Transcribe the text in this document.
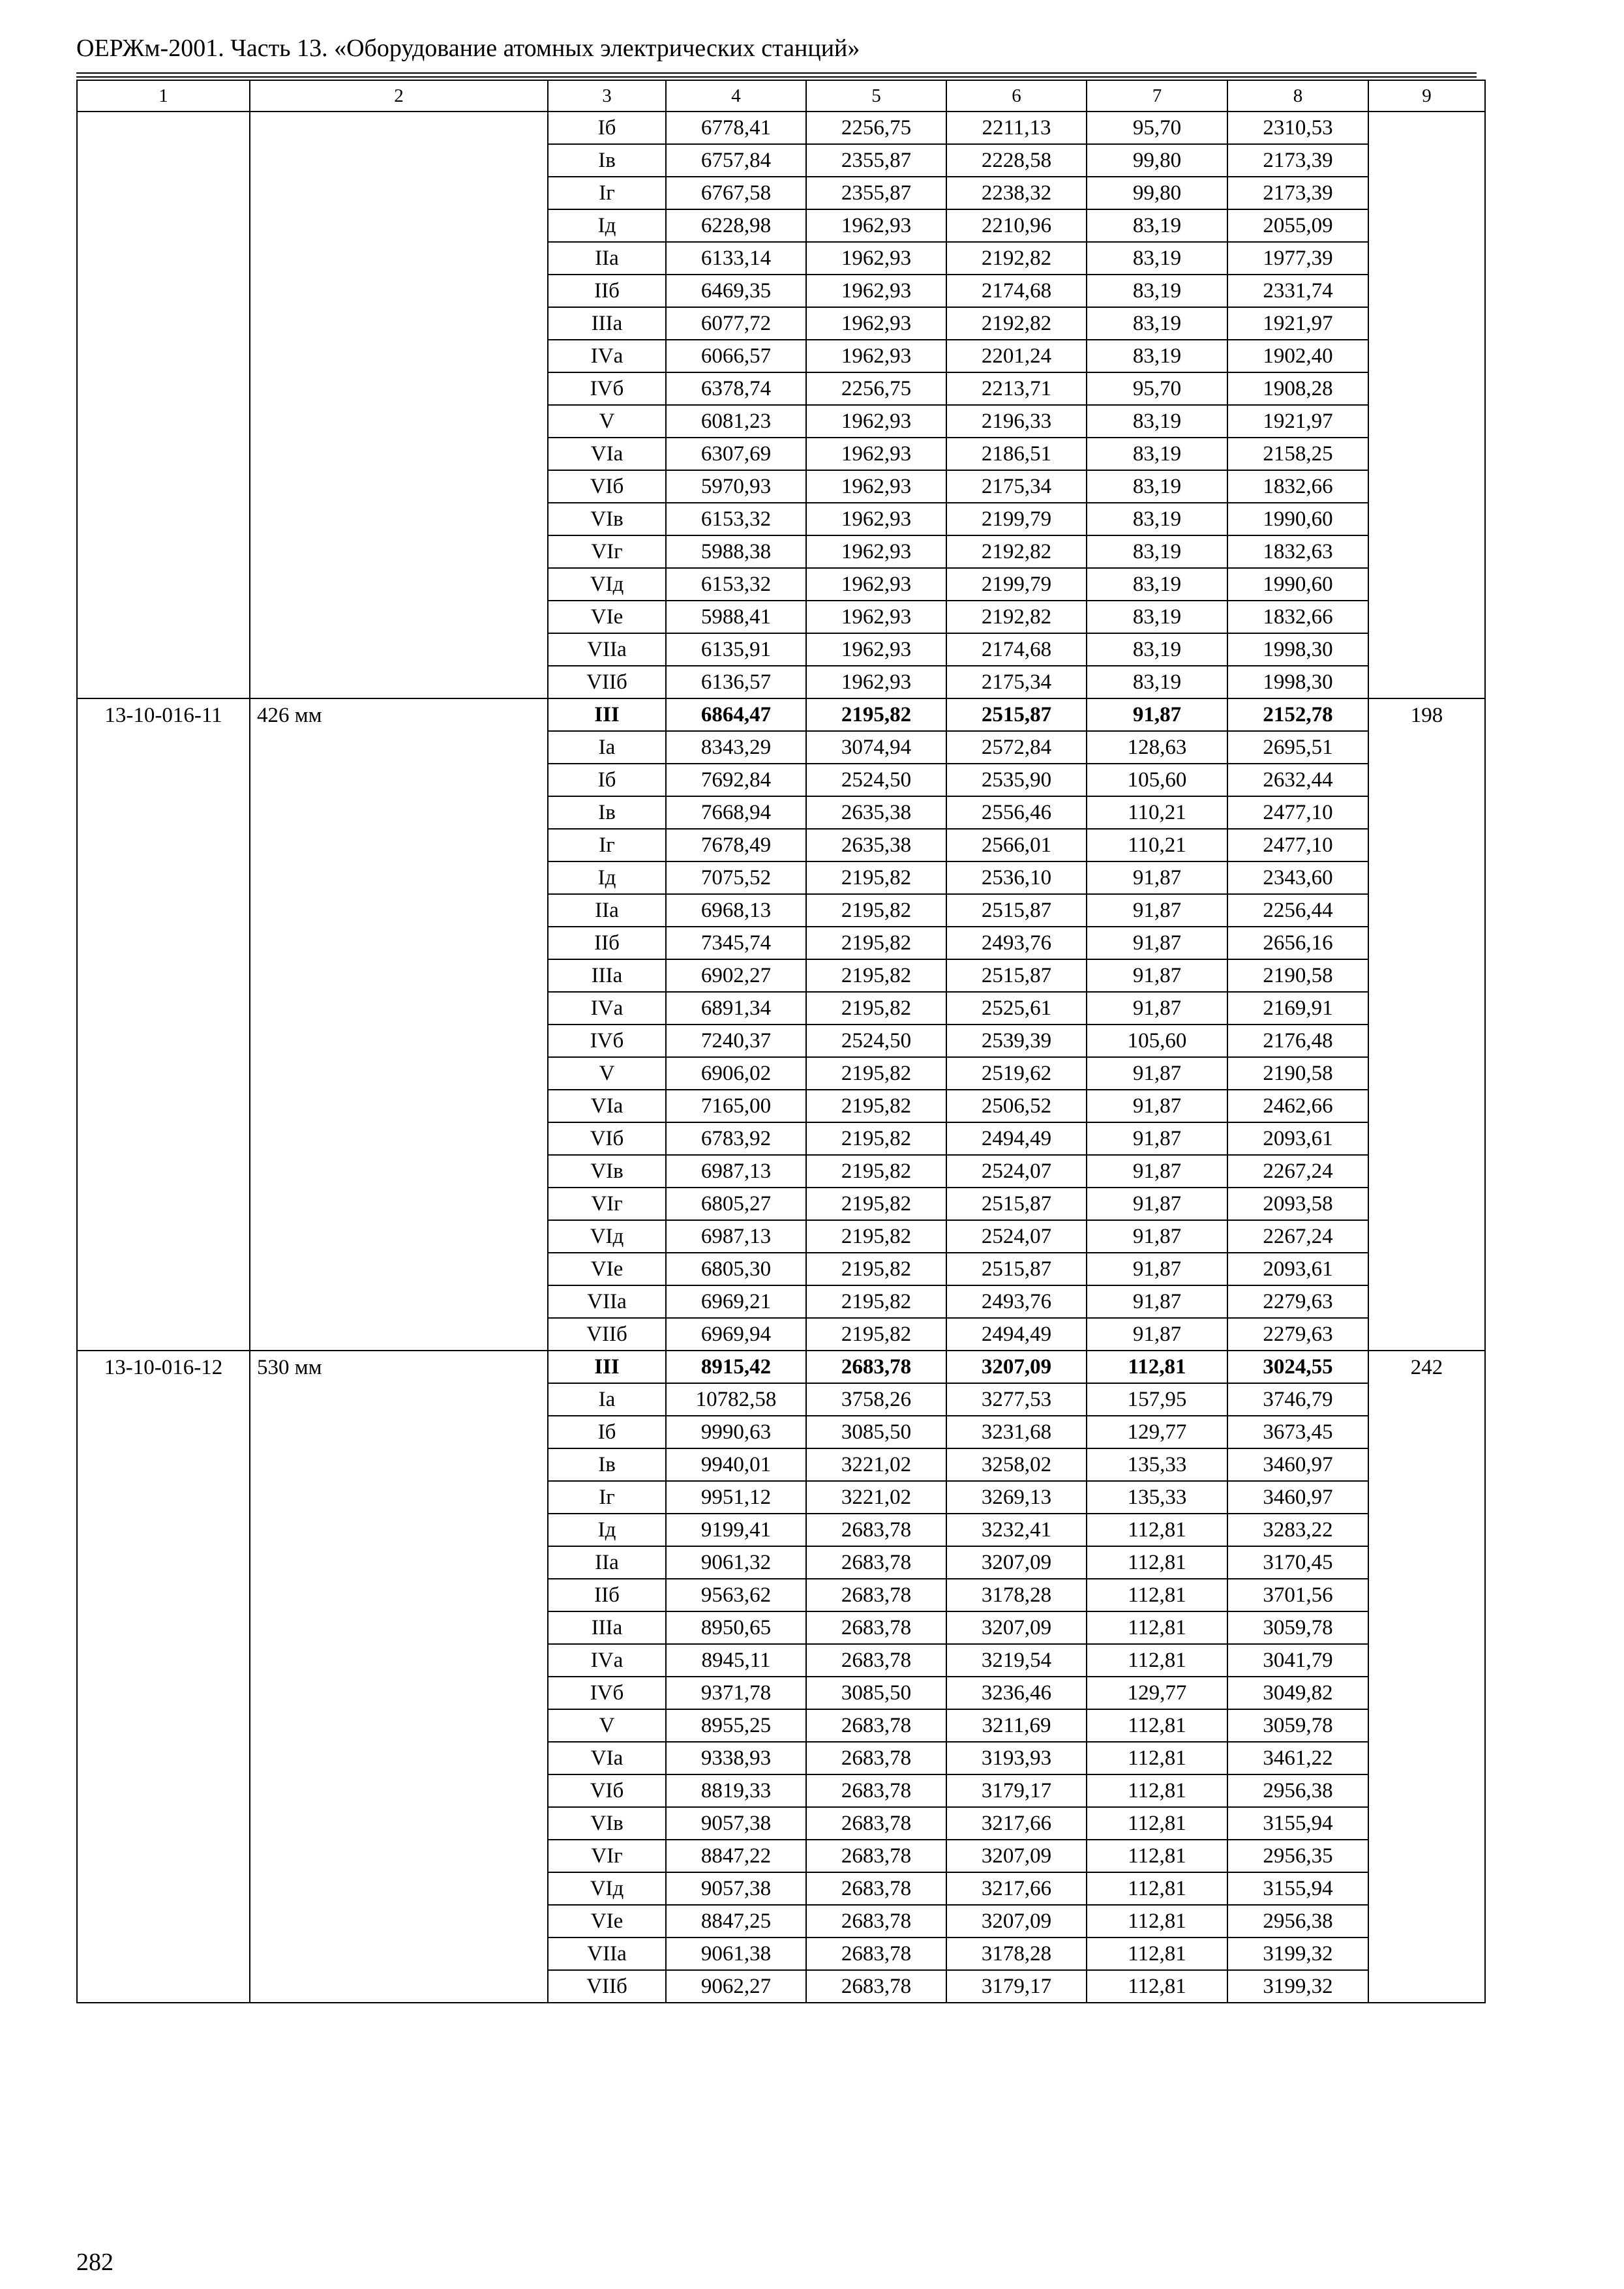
ОЕРЖм-2001. Часть 13. «Оборудование атомных электрических станций»
1	2	3	4	5	6	7	8	9
		Iб	6778,41	2256,75	2211,13	95,70	2310,53	
		Iв	6757,84	2355,87	2228,58	99,80	2173,39	
		Iг	6767,58	2355,87	2238,32	99,80	2173,39	
		Iд	6228,98	1962,93	2210,96	83,19	2055,09	
		IIа	6133,14	1962,93	2192,82	83,19	1977,39	
		IIб	6469,35	1962,93	2174,68	83,19	2331,74	
		IIIа	6077,72	1962,93	2192,82	83,19	1921,97	
		IVа	6066,57	1962,93	2201,24	83,19	1902,40	
		IVб	6378,74	2256,75	2213,71	95,70	1908,28	
		V	6081,23	1962,93	2196,33	83,19	1921,97	
		VIа	6307,69	1962,93	2186,51	83,19	2158,25	
		VIб	5970,93	1962,93	2175,34	83,19	1832,66	
		VIв	6153,32	1962,93	2199,79	83,19	1990,60	
		VIг	5988,38	1962,93	2192,82	83,19	1832,63	
		VIд	6153,32	1962,93	2199,79	83,19	1990,60	
		VIе	5988,41	1962,93	2192,82	83,19	1832,66	
		VIIа	6135,91	1962,93	2174,68	83,19	1998,30	
		VIIб	6136,57	1962,93	2175,34	83,19	1998,30	
13-10-016-11	426 мм	III	6864,47	2195,82	2515,87	91,87	2152,78	198
		Iа	8343,29	3074,94	2572,84	128,63	2695,51	
		Iб	7692,84	2524,50	2535,90	105,60	2632,44	
		Iв	7668,94	2635,38	2556,46	110,21	2477,10	
		Iг	7678,49	2635,38	2566,01	110,21	2477,10	
		Iд	7075,52	2195,82	2536,10	91,87	2343,60	
		IIа	6968,13	2195,82	2515,87	91,87	2256,44	
		IIб	7345,74	2195,82	2493,76	91,87	2656,16	
		IIIа	6902,27	2195,82	2515,87	91,87	2190,58	
		IVа	6891,34	2195,82	2525,61	91,87	2169,91	
		IVб	7240,37	2524,50	2539,39	105,60	2176,48	
		V	6906,02	2195,82	2519,62	91,87	2190,58	
		VIа	7165,00	2195,82	2506,52	91,87	2462,66	
		VIб	6783,92	2195,82	2494,49	91,87	2093,61	
		VIв	6987,13	2195,82	2524,07	91,87	2267,24	
		VIг	6805,27	2195,82	2515,87	91,87	2093,58	
		VIд	6987,13	2195,82	2524,07	91,87	2267,24	
		VIе	6805,30	2195,82	2515,87	91,87	2093,61	
		VIIа	6969,21	2195,82	2493,76	91,87	2279,63	
		VIIб	6969,94	2195,82	2494,49	91,87	2279,63	
13-10-016-12	530 мм	III	8915,42	2683,78	3207,09	112,81	3024,55	242
		Iа	10782,58	3758,26	3277,53	157,95	3746,79	
		Iб	9990,63	3085,50	3231,68	129,77	3673,45	
		Iв	9940,01	3221,02	3258,02	135,33	3460,97	
		Iг	9951,12	3221,02	3269,13	135,33	3460,97	
		Iд	9199,41	2683,78	3232,41	112,81	3283,22	
		IIа	9061,32	2683,78	3207,09	112,81	3170,45	
		IIб	9563,62	2683,78	3178,28	112,81	3701,56	
		IIIа	8950,65	2683,78	3207,09	112,81	3059,78	
		IVа	8945,11	2683,78	3219,54	112,81	3041,79	
		IVб	9371,78	3085,50	3236,46	129,77	3049,82	
		V	8955,25	2683,78	3211,69	112,81	3059,78	
		VIа	9338,93	2683,78	3193,93	112,81	3461,22	
		VIб	8819,33	2683,78	3179,17	112,81	2956,38	
		VIв	9057,38	2683,78	3217,66	112,81	3155,94	
		VIг	8847,22	2683,78	3207,09	112,81	2956,35	
		VIд	9057,38	2683,78	3217,66	112,81	3155,94	
		VIе	8847,25	2683,78	3207,09	112,81	2956,38	
		VIIа	9061,38	2683,78	3178,28	112,81	3199,32	
		VIIб	9062,27	2683,78	3179,17	112,81	3199,32	
282
